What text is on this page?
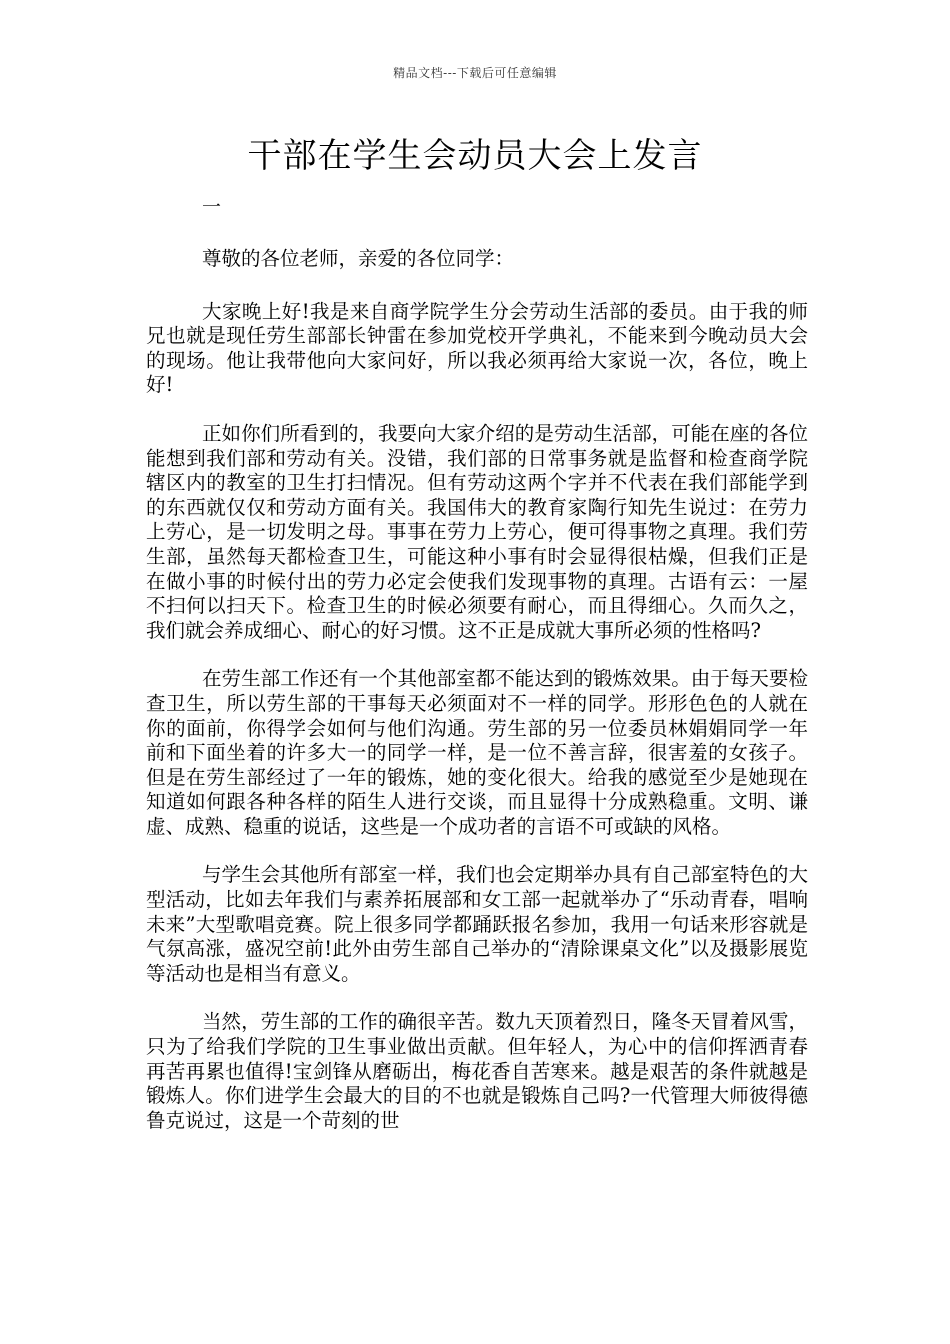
精品文档---下载后可任意编辑
干部在学生会动员大会上发言

一

尊敬的各位老师，亲爱的各位同学：

大家晚上好!我是来自商学院学生分会劳动生活部的委员。由于我的师兄也就是现任劳生部部长钟雷在参加党校开学典礼，不能来到今晚动员大会的现场。他让我带他向大家问好，所以我必须再给大家说一次，各位，晚上好!

正如你们所看到的，我要向大家介绍的是劳动生活部，可能在座的各位能想到我们部和劳动有关。没错，我们部的日常事务就是监督和检查商学院辖区内的教室的卫生打扫情况。但有劳动这两个字并不代表在我们部能学到的东西就仅仅和劳动方面有关。我国伟大的教育家陶行知先生说过：在劳力上劳心，是一切发明之母。事事在劳力上劳心，便可得事物之真理。我们劳生部，虽然每天都检查卫生，可能这种小事有时会显得很枯燥，但我们正是在做小事的时候付出的劳力必定会使我们发现事物的真理。古语有云：一屋不扫何以扫天下。检查卫生的时候必须要有耐心，而且得细心。久而久之，我们就会养成细心、耐心的好习惯。这不正是成就大事所必须的性格吗?

在劳生部工作还有一个其他部室都不能达到的锻炼效果。由于每天要检查卫生，所以劳生部的干事每天必须面对不一样的同学。形形色色的人就在你的面前，你得学会如何与他们沟通。劳生部的另一位委员林娟娟同学一年前和下面坐着的许多大一的同学一样，是一位不善言辞，很害羞的女孩子。但是在劳生部经过了一年的锻炼，她的变化很大。给我的感觉至少是她现在知道如何跟各种各样的陌生人进行交谈，而且显得十分成熟稳重。文明、谦虚、成熟、稳重的说话，这些是一个成功者的言语不可或缺的风格。

与学生会其他所有部室一样，我们也会定期举办具有自己部室特色的大型活动，比如去年我们与素养拓展部和女工部一起就举办了“乐动青春，唱响未来”大型歌唱竞赛。院上很多同学都踊跃报名参加，我用一句话来形容就是气氛高涨，盛况空前!此外由劳生部自己举办的“清除课桌文化”以及摄影展览等活动也是相当有意义。

当然，劳生部的工作的确很辛苦。数九天顶着烈日，隆冬天冒着风雪，只为了给我们学院的卫生事业做出贡献。但年轻人，为心中的信仰挥洒青春再苦再累也值得!宝剑锋从磨砺出，梅花香自苦寒来。越是艰苦的条件就越是锻炼人。你们进学生会最大的目的不也就是锻炼自己吗?一代管理大师彼得德鲁克说过，这是一个苛刻的世
